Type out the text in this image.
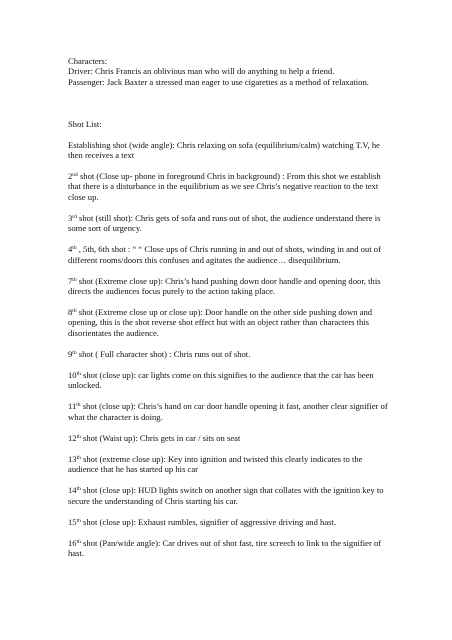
Characters:

Driver: Chris Francis an oblivious man who will do anything to help a friend.

Passenger: Jack Baxter a stressed man eager to use cigarettes as a method of relaxation.

Shot List:

Establishing shot (wide angle): Chris relaxing on sofa (equilibrium/calm) watching T.V, he then receives a text

2nd shot (Close up- phone in foreground Chris in background) : From this shot we establish that there is a disturbance in the equilibrium as we see Chris’s negative reaction to the text close up.

3rd shot (still shot): Chris gets of sofa and runs out of shot, the audience understand there is some sort of urgency.

4th , 5th, 6th shot : “ “ Close ups of Chris running in and out of shots, winding in and out of different rooms/doors this confuses and agitates the audience… disequilibrium.

7th shot (Extreme close up): Chris’s hand pushing down door handle and opening door, this directs the audiences focus purely to the action taking place.

8th shot (Extreme close up or close up): Door handle on the other side pushing down and opening, this is the shot reverse shot effect but with an object rather than characters this disorientates the audience.

9th shot ( Full character shot) : Chris runs out of shot.

10th shot (close up): car lights come on this signifies to the audience that the car has been unlocked.

11th shot (close up): Chris’s hand on car door handle opening it fast, another clear signifier of what the character is doing.

12th shot (Waist up): Chris gets in car / sits on seat

13th shot (extreme close up): Key into ignition and twisted this clearly indicates to the audience that he has started up his car

14th shot (close up): HUD lights switch on another sign that collates with the ignition key to secure the understanding of Chris starting his car.

15th shot (close up): Exhaust rumbles, signifier of aggressive driving and hast.

16th shot (Pan/wide angle): Car drives out of shot fast, tire screech to link to the signifier of hast.
